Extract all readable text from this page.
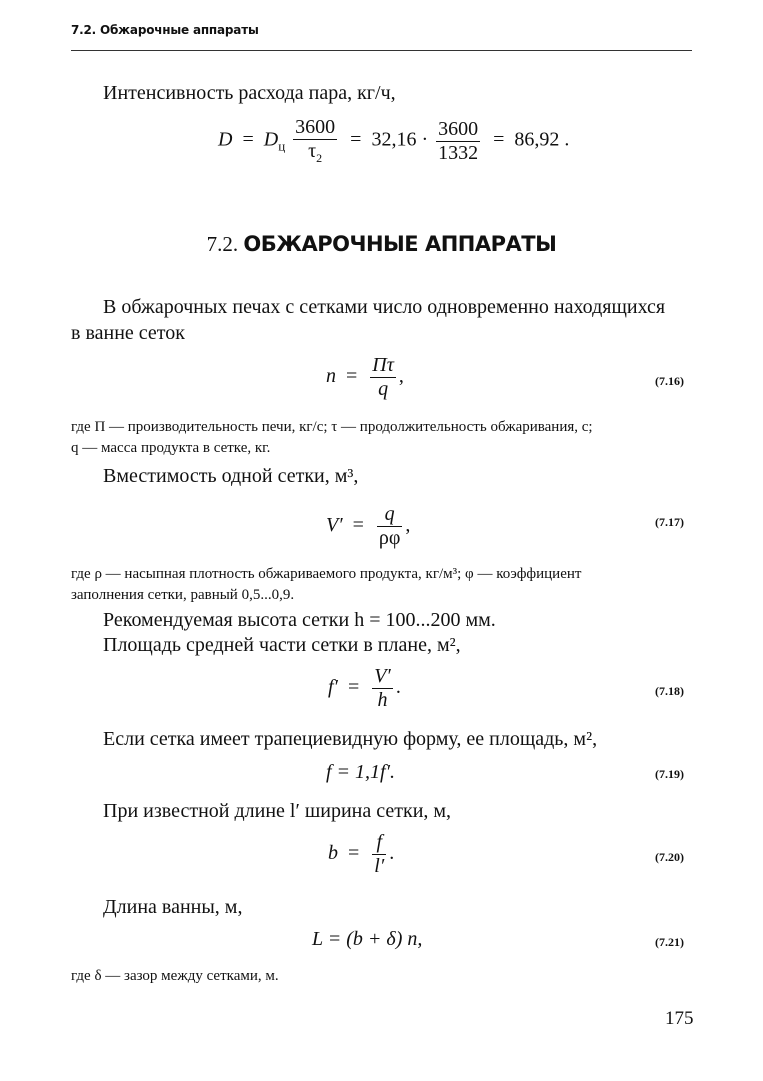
7.2. Обжарочные аппараты
Интенсивность расхода пара, кг/ч,
$D = D_ц \frac{3600}{\tau_2} = 32,16 \cdot \frac{3600}{1332} = 86,92$ .
7.2. ОБЖАРОЧНЫЕ АППАРАТЫ
В обжарочных печах с сетками число одновременно находящихся
в ванне сеток
n  =
Пτ
q
,	(7.16)
где П — производительность печи, кг/с; τ — продолжительность обжаривания, с;
q — масса продукта в сетке, кг.
Вместимость одной сетки, м³,
$V' = \frac{q}{\rho\varphi}$ ,	(7.17)
где ρ — насыпная плотность обжариваемого продукта, кг/м³; φ — коэффициент
заполнения сетки, равный 0,5...0,9.
Рекомендуемая высота сетки h = 100...200 мм.
Площадь средней части сетки в плане, м²,
$f' = \frac{V'}{h}$ .	(7.18)
Если сетка имеет трапециевидную форму, ее площадь, м²,
f = 1,1f′.	(7.19)
При известной длине l′ ширина сетки, м,
$b = \frac{f}{l'}$ .	(7.20)
Длина ванны, м,
L = (b + δ) n,	(7.21)
где δ — зазор между сетками, м.
175
